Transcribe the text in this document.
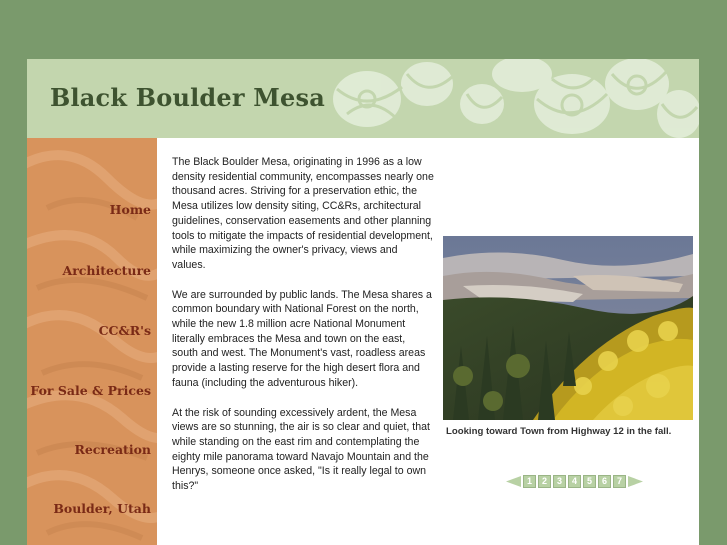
Black Boulder Mesa
Home
Architecture
CC&R's
For Sale & Prices
Recreation
Boulder, Utah

The Black Boulder Mesa, originating in 1996 as a low density residential community, encompasses nearly one thousand acres. Striving for a preservation ethic, the Mesa utilizes low density siting, CC&Rs, architectural guidelines, conservation easements and other planning tools to mitigate the impacts of residential development, while maximizing the owner's privacy, views and values.

We are surrounded by public lands. The Mesa shares a common boundary with National Forest on the north, while the new 1.8 million acre National Monument literally embraces the Mesa and town on the east, south and west. The Monument's vast, roadless areas provide a lasting reserve for the high desert flora and fauna (including the adventurous hiker).

At the risk of sounding excessively ardent, the Mesa views are so stunning, the air is so clear and quiet, that while standing on the east rim and contemplating the eighty mile panorama toward Navajo Mountain and the Henrys, someone once asked, "Is it really legal to own this?"

Looking toward Town from Highway 12 in the fall.
1	2	3	4	5	6	7
